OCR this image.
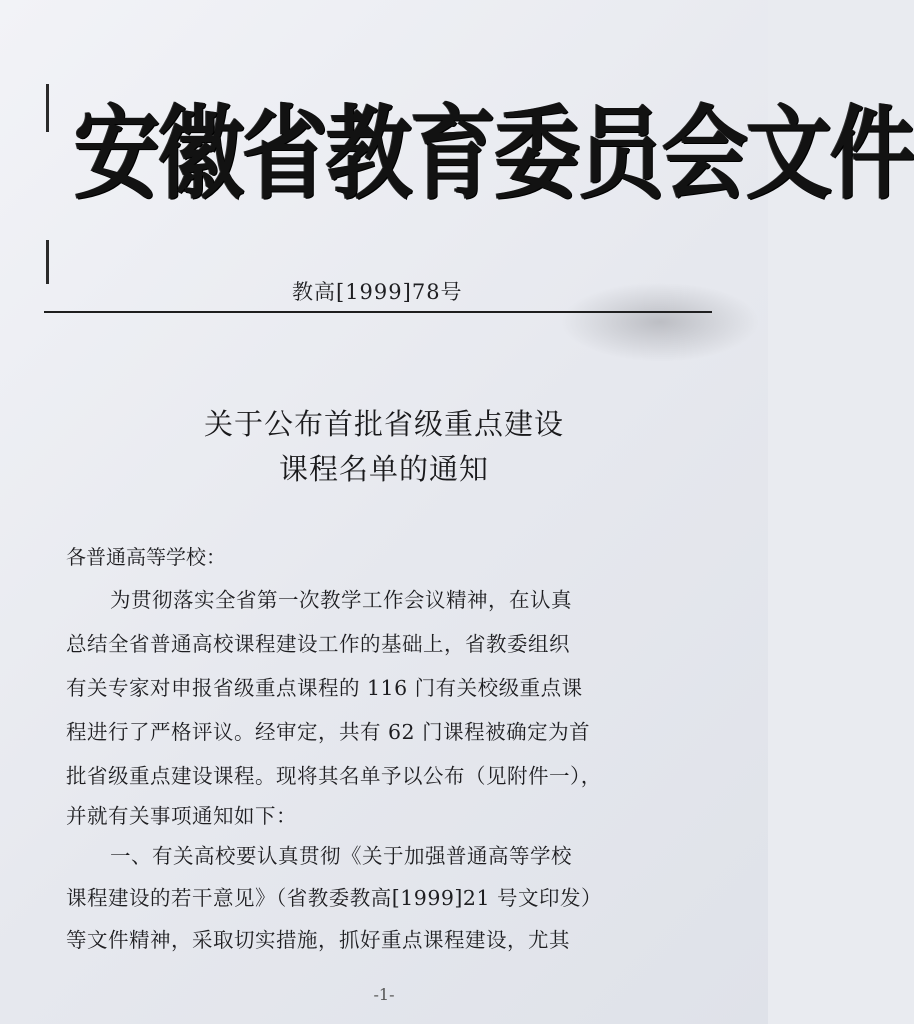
安徽省教育委员会文件
教高[1999]78号
关于公布首批省级重点建设
课程名单的通知
各普通高等学校：
为贯彻落实全省第一次教学工作会议精神，在认真
总结全省普通高校课程建设工作的基础上，省教委组织
有关专家对申报省级重点课程的 116 门有关校级重点课
程进行了严格评议。经审定，共有 62 门课程被确定为首
批省级重点建设课程。现将其名单予以公布（见附件一），
并就有关事项通知如下：
一、有关高校要认真贯彻《关于加强普通高等学校
课程建设的若干意见》（省教委教高[1999]21 号文印发）
等文件精神，采取切实措施，抓好重点课程建设，尤其
-1-
